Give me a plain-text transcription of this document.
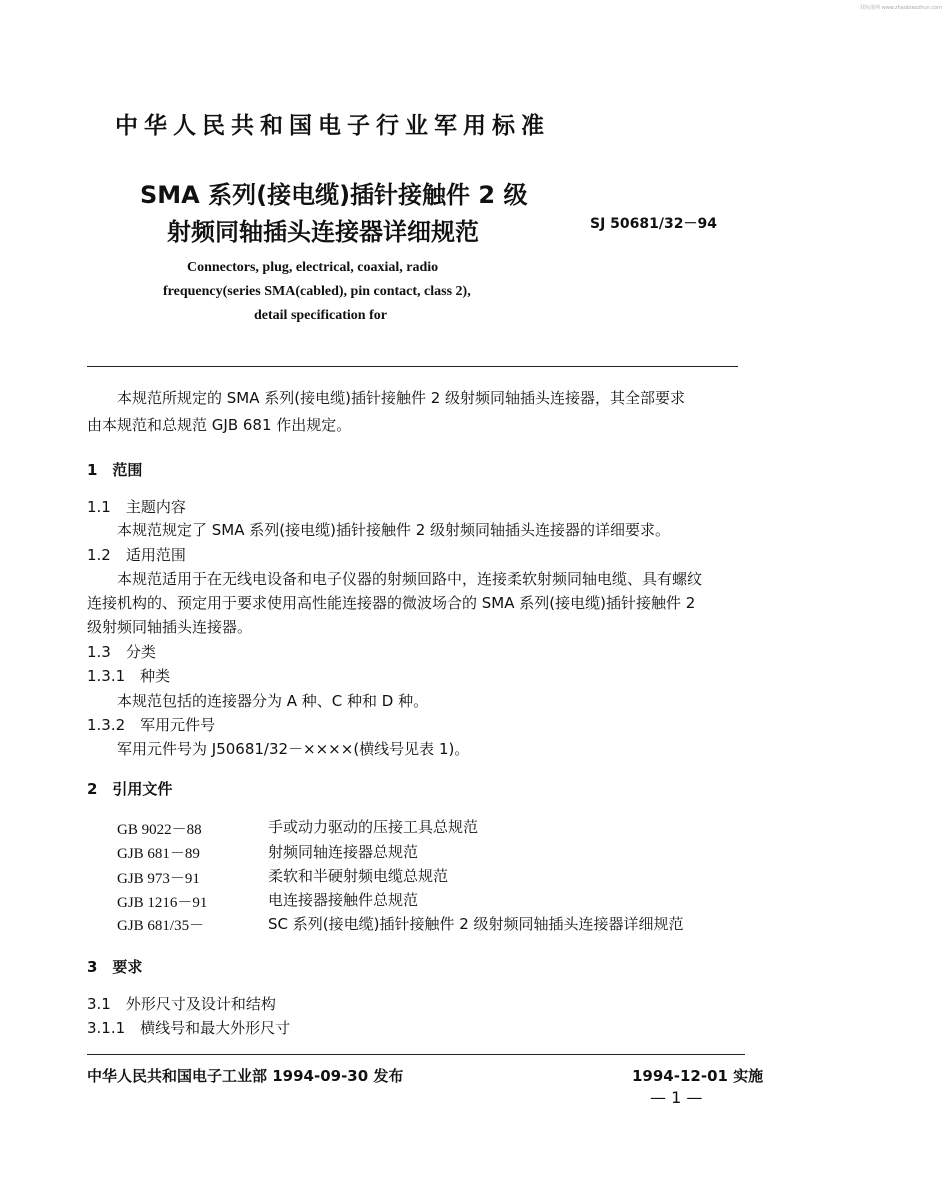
找标准网 www.zhaobiaozhun.com
中华人民共和国电子行业军用标准
SMA 系列(接电缆)插针接触件 2 级
射频同轴插头连接器详细规范	SJ 50681/32－94
Connectors, plug, electrical, coaxial, radio
frequency(series SMA(cabled), pin contact, class 2),
detail specification for
本规范所规定的 SMA 系列(接电缆)插针接触件 2 级射频同轴插头连接器，其全部要求
由本规范和总规范 GJB 681 作出规定。
1　范围
1.1　主题内容
本规范规定了 SMA 系列(接电缆)插针接触件 2 级射频同轴插头连接器的详细要求。
1.2　适用范围
本规范适用于在无线电设备和电子仪器的射频回路中，连接柔软射频同轴电缆、具有螺纹
连接机构的、预定用于要求使用高性能连接器的微波场合的 SMA 系列(接电缆)插针接触件 2
级射频同轴插头连接器。
1.3　分类
1.3.1　种类
本规范包括的连接器分为 A 种、C 种和 D 种。
1.3.2　军用元件号
军用元件号为 J50681/32－××××(横线号见表 1)。
2　引用文件
GB 9022－88	手或动力驱动的压接工具总规范
GJB 681－89	射频同轴连接器总规范
GJB 973－91	柔软和半硬射频电缆总规范
GJB 1216－91	电连接器接触件总规范
GJB 681/35－	SC 系列(接电缆)插针接触件 2 级射频同轴插头连接器详细规范
3　要求
3.1　外形尺寸及设计和结构
3.1.1　横线号和最大外形尺寸
中华人民共和国电子工业部 1994-09-30 发布	1994-12-01 实施
— 1 —
